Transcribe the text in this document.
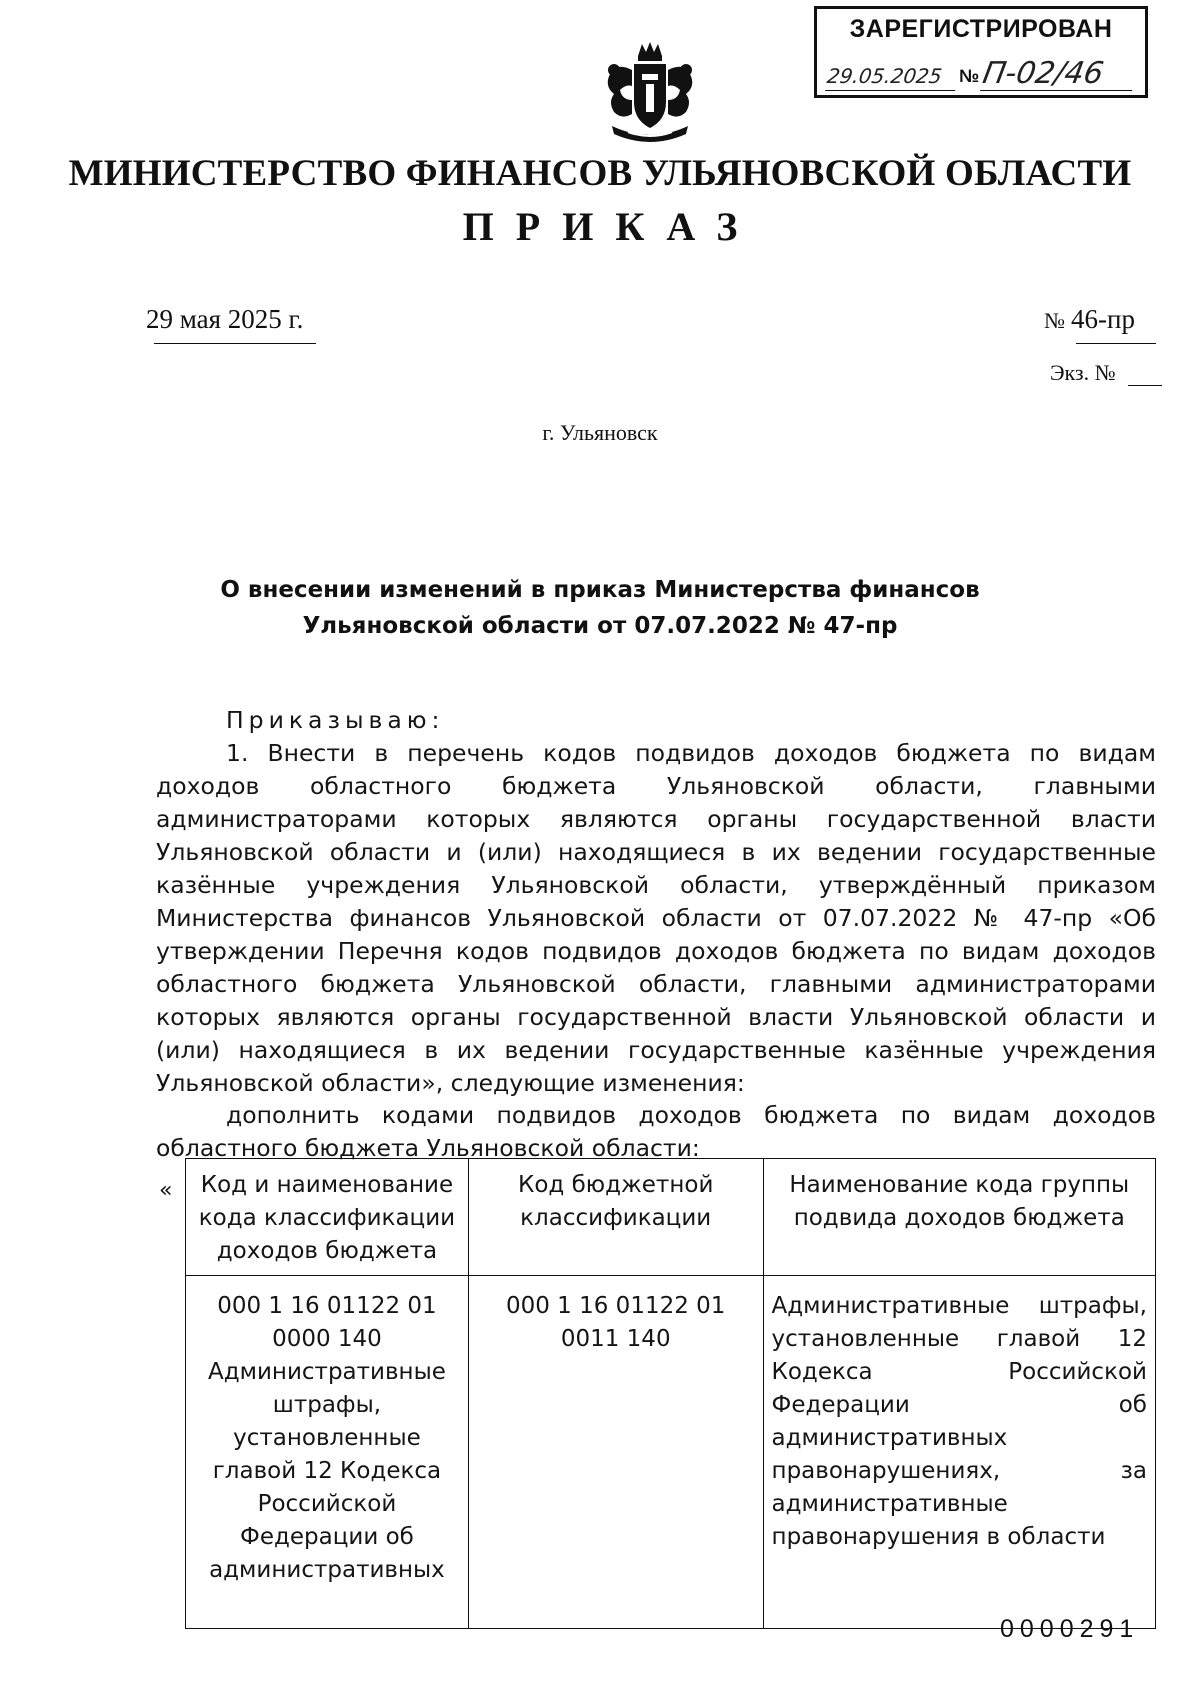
ЗАРЕГИСТРИРОВАН
29.05.2025 № П-02/46
МИНИСТЕРСТВО ФИНАНСОВ УЛЬЯНОВСКОЙ ОБЛАСТИ
ПРИКАЗ
29 мая 2025 г.	№ 46-пр
Экз. №
г. Ульяновск
О внесении изменений в приказ Министерства финансов
Ульяновской области от 07.07.2022 № 47-пр
Приказываю:
1. Внести в перечень кодов подвидов доходов бюджета по видам доходов областного бюджета Ульяновской области, главными администраторами которых являются органы государственной власти Ульяновской области и (или) находящиеся в их ведении государственные казённые учреждения Ульяновской области, утверждённый приказом Министерства финансов Ульяновской области от 07.07.2022 № 47-пр «Об утверждении Перечня кодов подвидов доходов бюджета по видам доходов областного бюджета Ульяновской области, главными администраторами которых являются органы государственной власти Ульяновской области и (или) находящиеся в их ведении государственные казённые учреждения Ульяновской области», следующие изменения:
дополнить кодами подвидов доходов бюджета по видам доходов областного бюджета Ульяновской области:
« Код и наименование кода классификации доходов бюджета	Код бюджетной классификации	Наименование кода группы подвида доходов бюджета

000 1 16 01122 01 0000 140 Административные штрафы, установленные главой 12 Кодекса Российской Федерации об административных	000 1 16 01122 01 0011 140	Административные штрафы, установленные главой 12 Кодекса Российской Федерации об административных правонарушениях, за административные правонарушения в области
0000291
